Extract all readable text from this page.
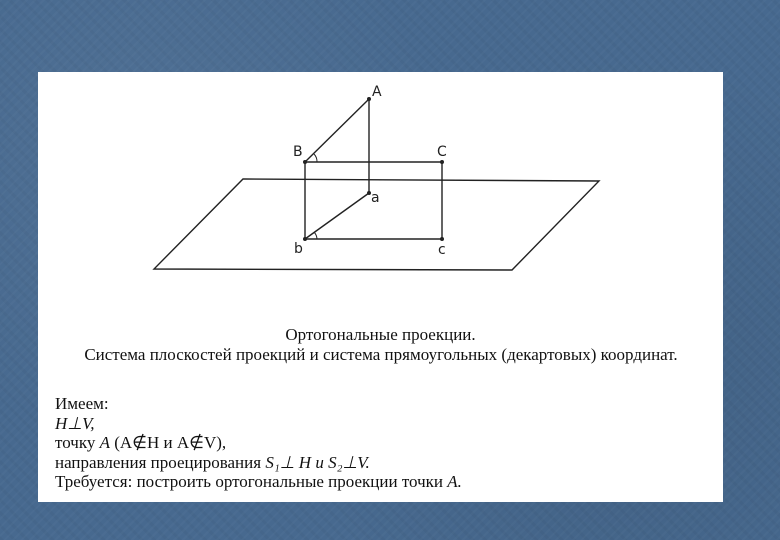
A
B	C
a
b	c
Ортогональные проекции.
Система плоскостей проекций и система прямоугольных (декартовых) координат.
Имеем:
H⊥V,
точку A (A∉H и A∉V),
направления проецирования S₁⊥ H и S₂⊥V.
Требуется: построить ортогональные проекции точки A.
